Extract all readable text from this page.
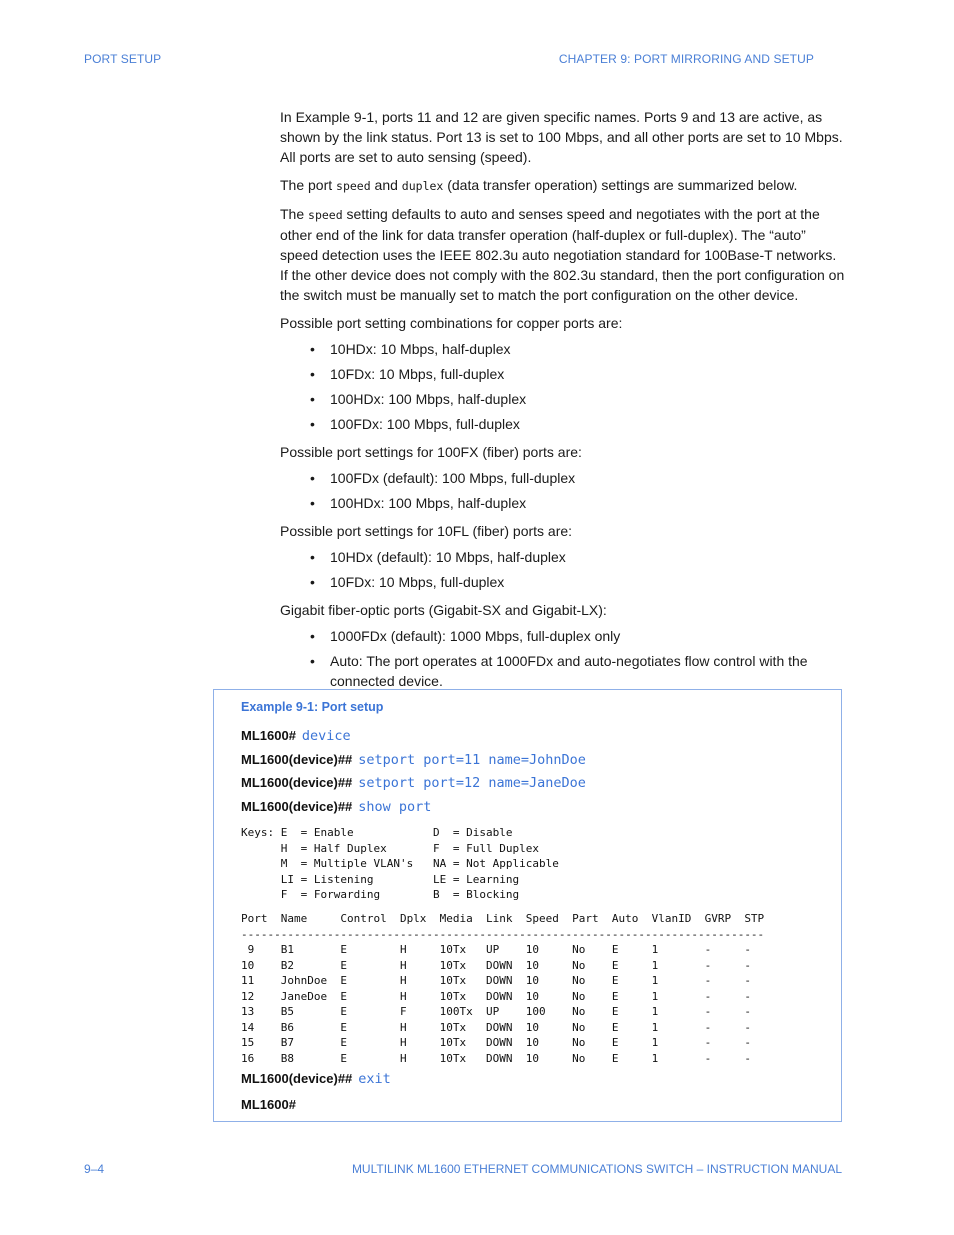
PORT SETUP	CHAPTER 9: PORT MIRRORING AND SETUP

In Example 9-1, ports 11 and 12 are given specific names. Ports 9 and 13 are active, as shown by the link status. Port 13 is set to 100 Mbps, and all other ports are set to 10 Mbps. All ports are set to auto sensing (speed).

The port speed and duplex (data transfer operation) settings are summarized below.

The speed setting defaults to auto and senses speed and negotiates with the port at the other end of the link for data transfer operation (half-duplex or full-duplex). The “auto” speed detection uses the IEEE 802.3u auto negotiation standard for 100Base-T networks. If the other device does not comply with the 802.3u standard, then the port configuration on the switch must be manually set to match the port configuration on the other device.

Possible port setting combinations for copper ports are:

• 10HDx: 10 Mbps, half-duplex
• 10FDx: 10 Mbps, full-duplex
• 100HDx: 100 Mbps, half-duplex
• 100FDx: 100 Mbps, full-duplex

Possible port settings for 100FX (fiber) ports are:

• 100FDx (default): 100 Mbps, full-duplex
• 100HDx: 100 Mbps, half-duplex

Possible port settings for 10FL (fiber) ports are:

• 10HDx (default): 10 Mbps, half-duplex
• 10FDx: 10 Mbps, full-duplex

Gigabit fiber-optic ports (Gigabit-SX and Gigabit-LX):

• 1000FDx (default): 1000 Mbps, full-duplex only
• Auto: The port operates at 1000FDx and auto-negotiates flow control with the connected device.
Example 9-1: Port setup
ML1600# device
ML1600(device)## setport port=11 name=JohnDoe
ML1600(device)## setport port=12 name=JaneDoe
ML1600(device)## show port
Keys: E  = Enable            D  = Disable
H  = Half Duplex       F  = Full Duplex
M  = Multiple VLAN's   NA = Not Applicable
LI = Listening         LE = Learning
F  = Forwarding        B  = Blocking
Port  Name     Control  Dplx  Media  Link  Speed  Part  Auto  VlanID  GVRP  STP
-------------------------------------------------------------------------------
9    B1       E        H     10Tx   UP    10     No    E     1       -     -
10    B2       E        H     10Tx   DOWN  10     No    E     1       -     -
11    JohnDoe  E        H     10Tx   DOWN  10     No    E     1       -     -
12    JaneDoe  E        H     10Tx   DOWN  10     No    E     1       -     -
13    B5       E        F     100Tx  UP    100    No    E     1       -     -
14    B6       E        H     10Tx   DOWN  10     No    E     1       -     -
15    B7       E        H     10Tx   DOWN  10     No    E     1       -     -
16    B8       E        H     10Tx   DOWN  10     No    E     1       -     -
ML1600(device)## exit
ML1600#
9–4	MULTILINK ML1600 ETHERNET COMMUNICATIONS SWITCH – INSTRUCTION MANUAL
